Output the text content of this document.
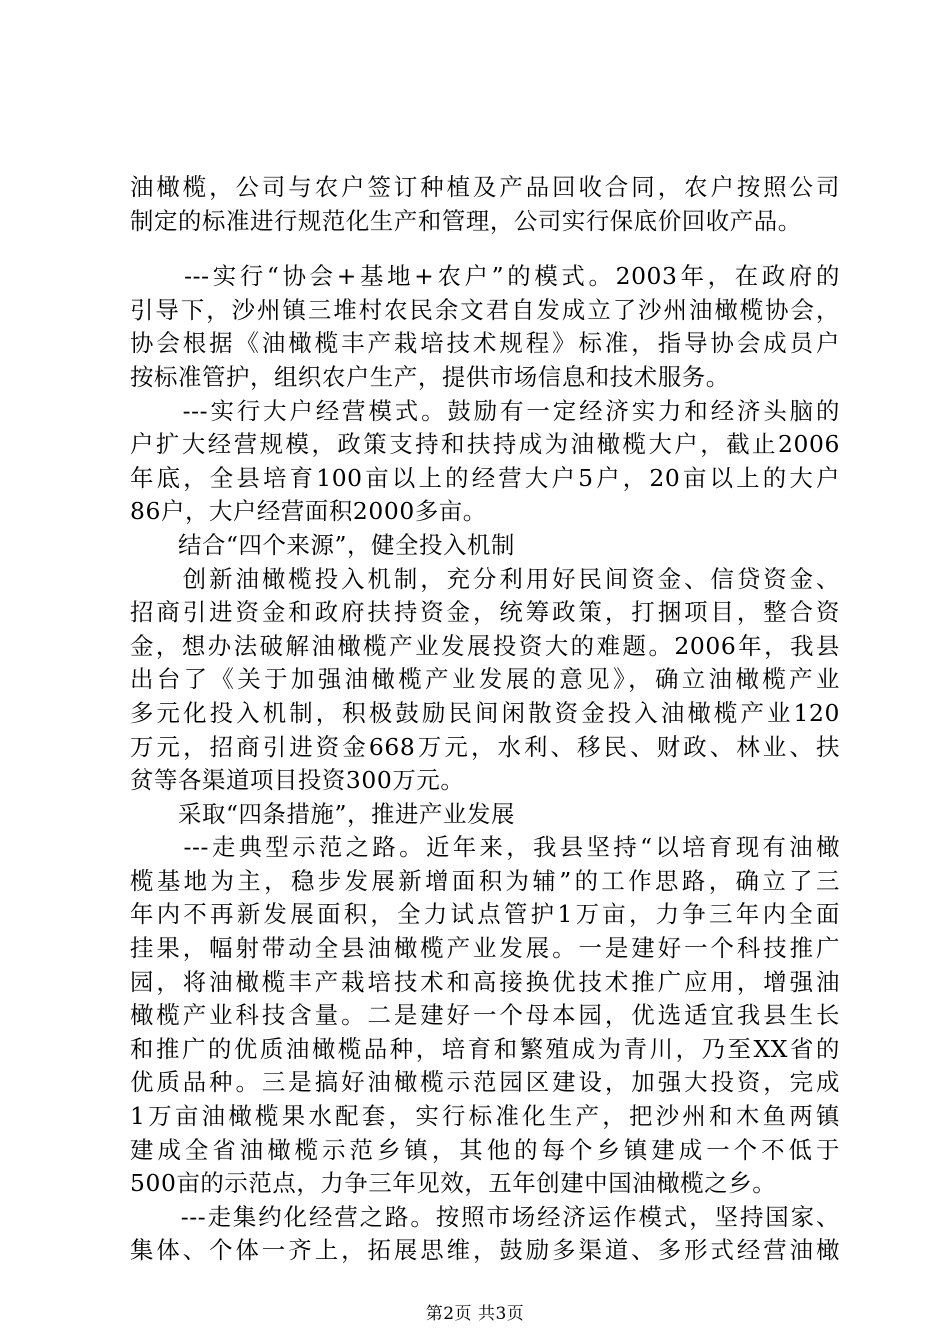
油橄榄，公司与农户签订种植及产品回收合同，农户按照公司
制定的标准进行规范化生产和管理，公司实行保底价回收产品。

　　---实行“协会+基地+农户”的模式。2003年，在政府的
引导下，沙州镇三堆村农民余文君自发成立了沙州油橄榄协会，
协会根据《油橄榄丰产栽培技术规程》标准，指导协会成员户
按标准管护，组织农户生产，提供市场信息和技术服务。

　　---实行大户经营模式。鼓励有一定经济实力和经济头脑的
户扩大经营规模，政策支持和扶持成为油橄榄大户，截止2006
年底，全县培育100亩以上的经营大户5户，20亩以上的大户
86户，大户经营面积2000多亩。

　　结合“四个来源”，健全投入机制

　　创新油橄榄投入机制，充分利用好民间资金、信贷资金、
招商引进资金和政府扶持资金，统筹政策，打捆项目，整合资
金，想办法破解油橄榄产业发展投资大的难题。2006年，我县
出台了《关于加强油橄榄产业发展的意见》，确立油橄榄产业
多元化投入机制，积极鼓励民间闲散资金投入油橄榄产业120
万元，招商引进资金668万元，水利、移民、财政、林业、扶
贫等各渠道项目投资300万元。

　　采取“四条措施”，推进产业发展

　　---走典型示范之路。近年来，我县坚持“以培育现有油橄
榄基地为主，稳步发展新增面积为辅”的工作思路，确立了三
年内不再新发展面积，全力试点管护1万亩，力争三年内全面
挂果，幅射带动全县油橄榄产业发展。一是建好一个科技推广
园，将油橄榄丰产栽培技术和高接换优技术推广应用，增强油
橄榄产业科技含量。二是建好一个母本园，优选适宜我县生长
和推广的优质油橄榄品种，培育和繁殖成为青川，乃至XX省的
优质品种。三是搞好油橄榄示范园区建设，加强大投资，完成
1万亩油橄榄果水配套，实行标准化生产，把沙州和木鱼两镇
建成全省油橄榄示范乡镇，其他的每个乡镇建成一个不低于
500亩的示范点，力争三年见效，五年创建中国油橄榄之乡。

　　---走集约化经营之路。按照市场经济运作模式，坚持国家、
集体、个体一齐上，拓展思维，鼓励多渠道、多形式经营油橄

第2页 共3页
